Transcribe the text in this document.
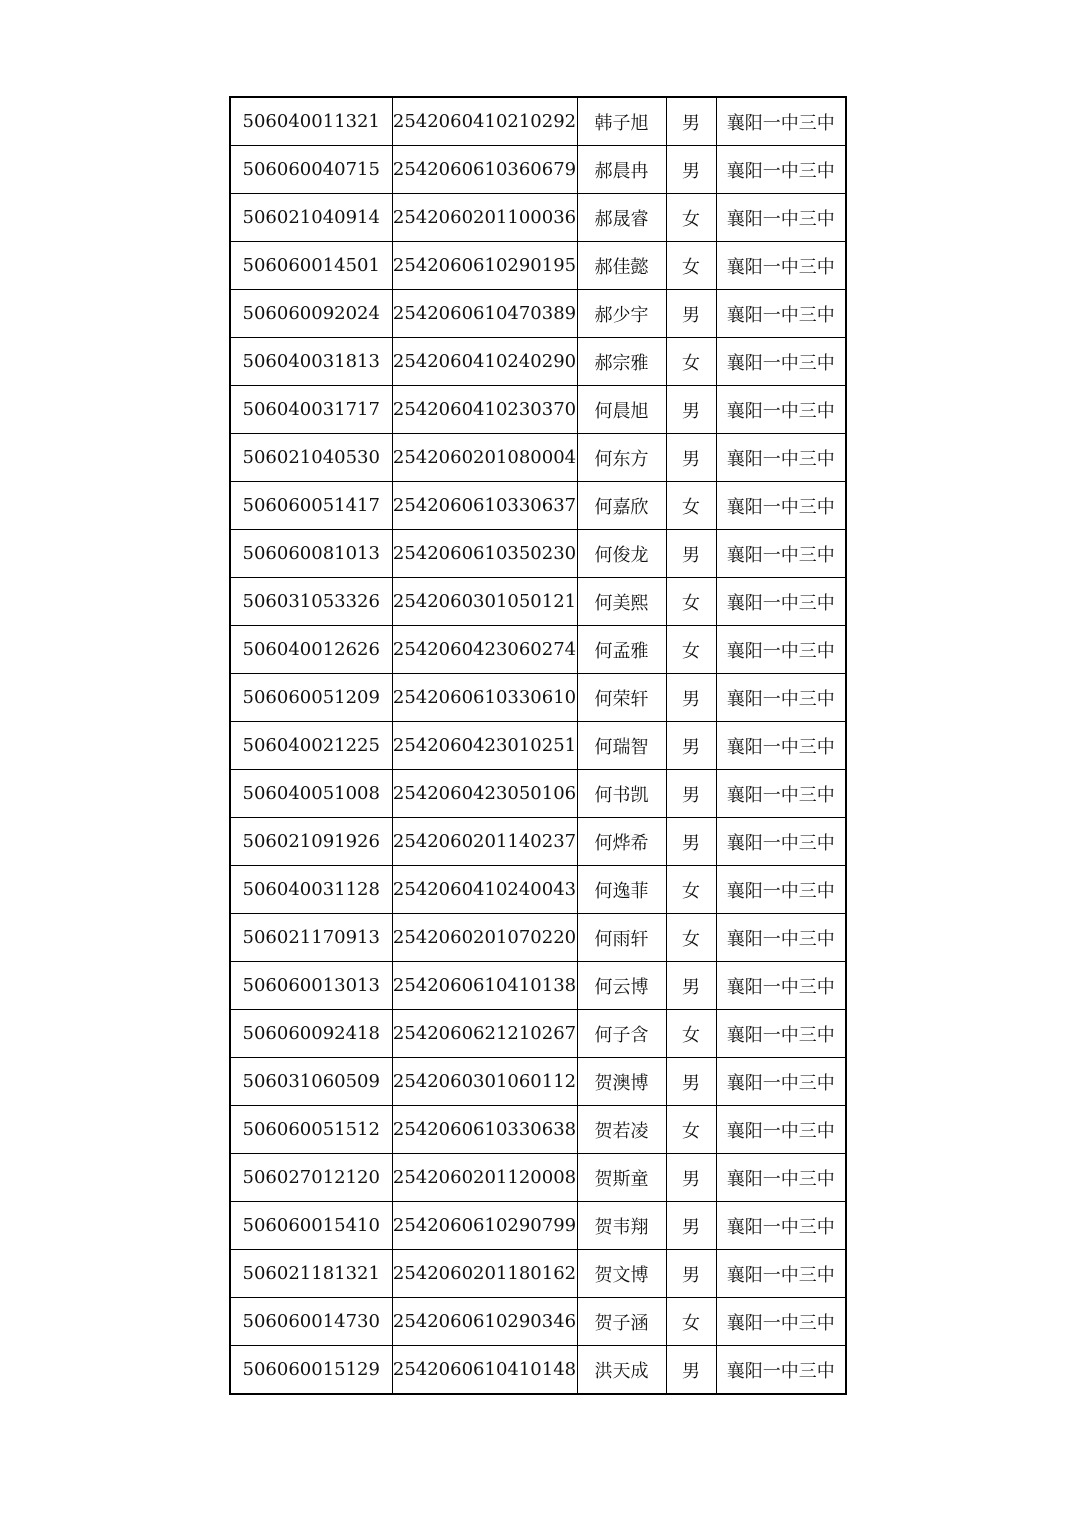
506040011321	2542060410210292	韩子旭	男	襄阳一中三中
506060040715	2542060610360679	郝晨冉	男	襄阳一中三中
506021040914	2542060201100036	郝晟睿	女	襄阳一中三中
506060014501	2542060610290195	郝佳懿	女	襄阳一中三中
506060092024	2542060610470389	郝少宇	男	襄阳一中三中
506040031813	2542060410240290	郝宗雅	女	襄阳一中三中
506040031717	2542060410230370	何晨旭	男	襄阳一中三中
506021040530	2542060201080004	何东方	男	襄阳一中三中
506060051417	2542060610330637	何嘉欣	女	襄阳一中三中
506060081013	2542060610350230	何俊龙	男	襄阳一中三中
506031053326	2542060301050121	何美熙	女	襄阳一中三中
506040012626	2542060423060274	何孟雅	女	襄阳一中三中
506060051209	2542060610330610	何荣轩	男	襄阳一中三中
506040021225	2542060423010251	何瑞智	男	襄阳一中三中
506040051008	2542060423050106	何书凯	男	襄阳一中三中
506021091926	2542060201140237	何烨希	男	襄阳一中三中
506040031128	2542060410240043	何逸菲	女	襄阳一中三中
506021170913	2542060201070220	何雨轩	女	襄阳一中三中
506060013013	2542060610410138	何云博	男	襄阳一中三中
506060092418	2542060621210267	何子含	女	襄阳一中三中
506031060509	2542060301060112	贺澳博	男	襄阳一中三中
506060051512	2542060610330638	贺若凌	女	襄阳一中三中
506027012120	2542060201120008	贺斯童	男	襄阳一中三中
506060015410	2542060610290799	贺韦翔	男	襄阳一中三中
506021181321	2542060201180162	贺文博	男	襄阳一中三中
506060014730	2542060610290346	贺子涵	女	襄阳一中三中
506060015129	2542060610410148	洪天成	男	襄阳一中三中
